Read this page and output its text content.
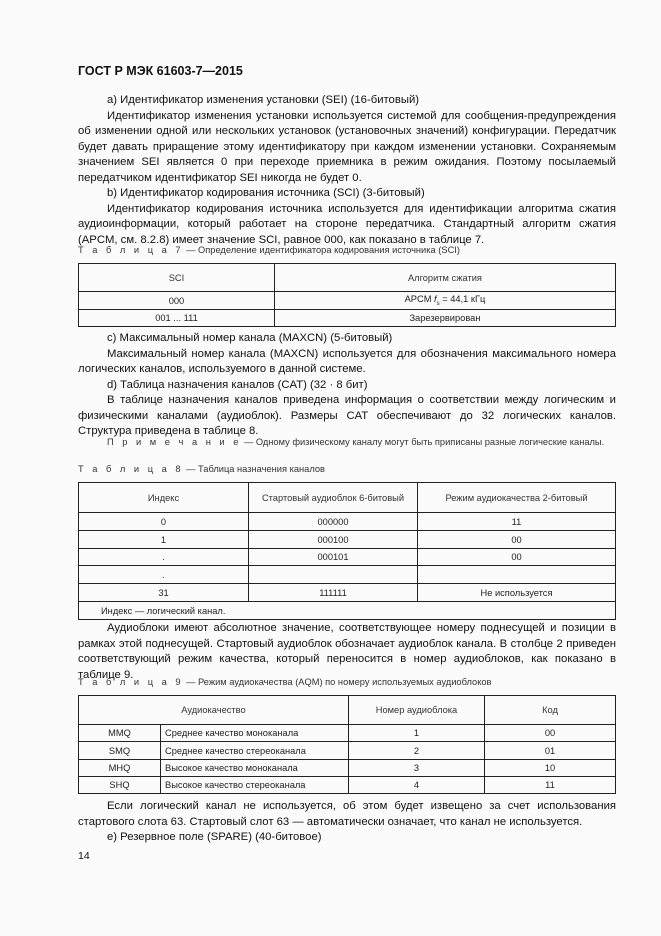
ГОСТ Р МЭК 61603-7—2015

a) Идентификатор изменения установки (SEI) (16-битовый)

Идентификатор изменения установки используется системой для сообщения-предупреждения об изменении одной или нескольких установок (установочных значений) конфигурации. Передатчик будет давать приращение этому идентификатору при каждом изменении установки. Сохраняемым значением SEI является 0 при переходе приемника в режим ожидания. Поэтому посылаемый передатчиком идентификатор SEI никогда не будет 0.

b) Идентификатор кодирования источника (SCI) (3-битовый)

Идентификатор кодирования источника используется для идентификации алгоритма сжатия аудиоинформации, который работает на стороне передатчика. Стандартный алгоритм сжатия (APCM, см. 8.2.8) имеет значение SCI, равное 000, как показано в таблице 7.

Т а б л и ц а 7 — Определение идентификатора кодирования источника (SCI)
SCI	Алгоритм сжатия
000	APCM $f_s = 44,1$ кГц
001 ... 111	Зарезервирован

c) Максимальный номер канала (MAXCN) (5-битовый)

Максимальный номер канала (MAXCN) используется для обозначения максимального номера логических каналов, используемого в данной системе.

d) Таблица назначения каналов (CAT) (32 · 8 бит)

В таблице назначения каналов приведена информация о соответствии между логическим и физическими каналами (аудиоблок). Размеры CAT обеспечивают до 32 логических каналов. Структура приведена в таблице 8.

П р и м е ч а н и е — Одному физическому каналу могут быть приписаны разные логические каналы.
Т а б л и ц а 8 — Таблица назначения каналов
Индекс	Стартовый аудиоблок 6-битовый	Режим аудиокачества 2-битовый
0	000000	11
1	000100	00
.	000101	00
.		
31	111111	Не используется
Индекс — логический канал.		

Аудиоблоки имеют абсолютное значение, соответствующее номеру поднесущей и позиции в рамках этой поднесущей. Стартовый аудиоблок обозначает аудиоблок канала. В столбце 2 приведен соответствующий режим качества, который переносится в номер аудиоблоков, как показано в таблице 9.

Т а б л и ц а 9 — Режим аудиокачества (AQM) по номеру используемых аудиоблоков
Аудиокачество		Номер аудиоблока	Код
MMQ	Среднее качество моноканала	1	00
SMQ	Среднее качество стереоканала	2	01
MHQ	Высокое качество моноканала	3	10
SHQ	Высокое качество стереоканала	4	11

Если логический канал не используется, об этом будет извещено за счет использования стартового слота 63. Стартовый слот 63 — автоматически означает, что канал не используется.

e) Резервное поле (SPARE) (40-битовое)

14
